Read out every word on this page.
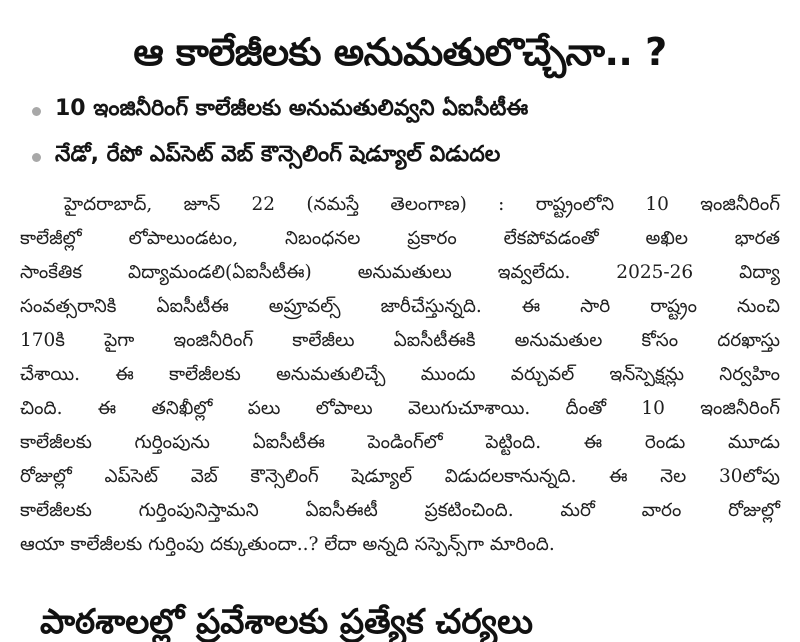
ఆ కాలేజీలకు అనుమతులొచ్చేనా.. ?
10 ఇంజినీరింగ్ కాలేజీలకు అనుమతులివ్వని ఏఐసీటీఈ
నేడో, రేపో ఎప్‌సెట్ వెబ్ కౌన్సెలింగ్ షెడ్యూల్ విడుదల
హైదరాబాద్, జూన్ 22 (నమస్తే తెలంగాణ) : రాష్ట్రంలోని 10 ఇంజినీరింగ్
కాలేజీల్లో లోపాలుండటం, నిబంధనల ప్రకారం లేకపోవడంతో అఖిల భారత
సాంకేతిక విద్యామండలి(ఏఐసీటీఈ) అనుమతులు ఇవ్వలేదు. 2025-26 విద్యా
సంవత్సరానికి ఏఐసీటీఈ అప్రూవల్స్ జారీచేస్తున్నది. ఈ సారి రాష్ట్రం నుంచి
170కి పైగా ఇంజినీరింగ్ కాలేజీలు ఏఐసీటీఈకి అనుమతుల కోసం దరఖాస్తు
చేశాయి. ఈ కాలేజీలకు అనుమతులిచ్చే ముందు వర్చువల్ ఇన్‌స్పెక్షన్లు నిర్వహిం
చింది. ఈ తనిఖీల్లో పలు లోపాలు వెలుగుచూశాయి. దీంతో 10 ఇంజినీరింగ్
కాలేజీలకు గుర్తింపును ఏఐసీటీఈ పెండింగ్‌లో పెట్టింది. ఈ రెండు మూడు
రోజుల్లో ఎప్‌సెట్ వెబ్ కౌన్సెలింగ్ షెడ్యూల్ విడుదలకానున్నది. ఈ నెల 30లోపు
కాలేజీలకు గుర్తింపునిస్తామని ఏఐసీఈటీ ప్రకటించింది. మరో వారం రోజుల్లో
ఆయా కాలేజీలకు గుర్తింపు దక్కుతుందా..? లేదా అన్నది సస్పెన్స్‌గా మారింది.
పాఠశాలల్లో ప్రవేశాలకు ప్రత్యేక చర్యలు
